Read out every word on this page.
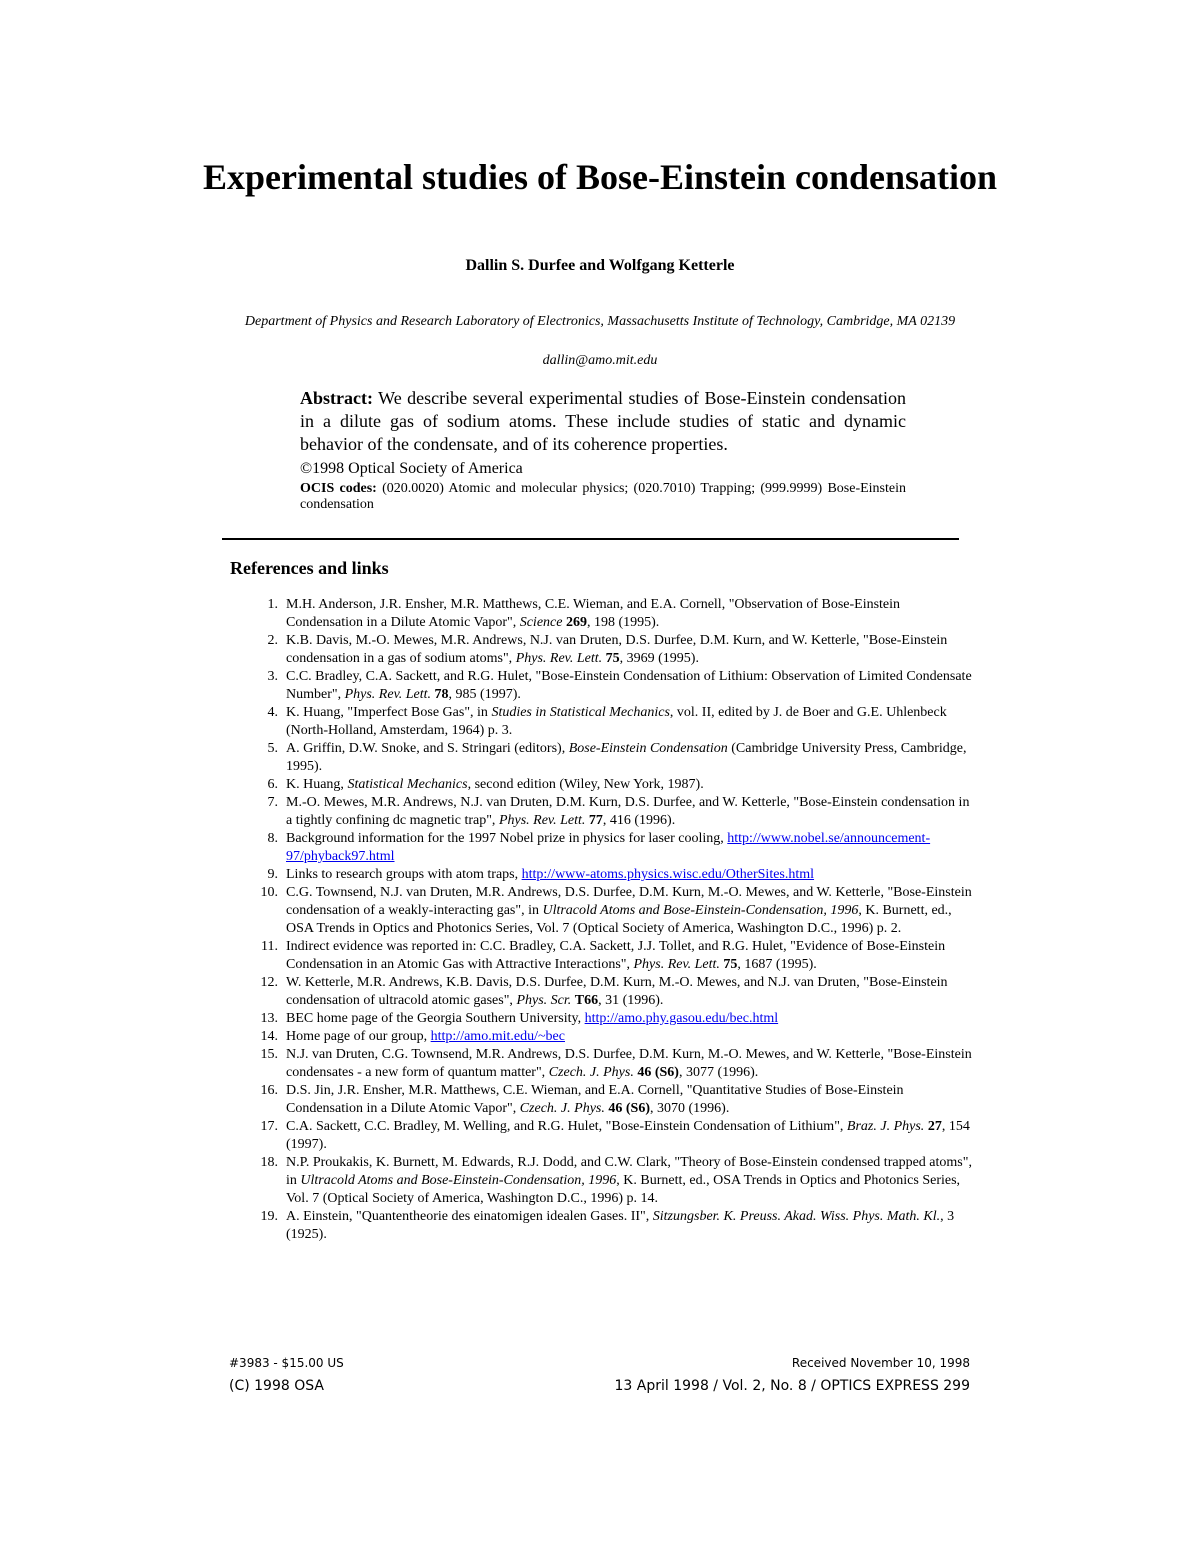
Experimental studies of Bose-Einstein condensation
Dallin S. Durfee and Wolfgang Ketterle
Department of Physics and Research Laboratory of Electronics, Massachusetts Institute of Technology, Cambridge, MA 02139
dallin@amo.mit.edu
Abstract: We describe several experimental studies of Bose-Einstein condensation in a dilute gas of sodium atoms. These include studies of static and dynamic behavior of the condensate, and of its coherence properties.
©1998 Optical Society of America
OCIS codes: (020.0020) Atomic and molecular physics; (020.7010) Trapping; (999.9999) Bose-Einstein condensation
References and links
1. M.H. Anderson, J.R. Ensher, M.R. Matthews, C.E. Wieman, and E.A. Cornell, "Observation of Bose-Einstein Condensation in a Dilute Atomic Vapor", Science 269, 198 (1995).
2. K.B. Davis, M.-O. Mewes, M.R. Andrews, N.J. van Druten, D.S. Durfee, D.M. Kurn, and W. Ketterle, "Bose-Einstein condensation in a gas of sodium atoms", Phys. Rev. Lett. 75, 3969 (1995).
3. C.C. Bradley, C.A. Sackett, and R.G. Hulet, "Bose-Einstein Condensation of Lithium: Observation of Limited Condensate Number", Phys. Rev. Lett. 78, 985 (1997).
4. K. Huang, "Imperfect Bose Gas", in Studies in Statistical Mechanics, vol. II, edited by J. de Boer and G.E. Uhlenbeck (North-Holland, Amsterdam, 1964) p. 3.
5. A. Griffin, D.W. Snoke, and S. Stringari (editors), Bose-Einstein Condensation (Cambridge University Press, Cambridge, 1995).
6. K. Huang, Statistical Mechanics, second edition (Wiley, New York, 1987).
7. M.-O. Mewes, M.R. Andrews, N.J. van Druten, D.M. Kurn, D.S. Durfee, and W. Ketterle, "Bose-Einstein condensation in a tightly confining dc magnetic trap", Phys. Rev. Lett. 77, 416 (1996).
8. Background information for the 1997 Nobel prize in physics for laser cooling, http://www.nobel.se/announcement-97/phyback97.html
9. Links to research groups with atom traps, http://www-atoms.physics.wisc.edu/OtherSites.html
10. C.G. Townsend, N.J. van Druten, M.R. Andrews, D.S. Durfee, D.M. Kurn, M.-O. Mewes, and W. Ketterle, "Bose-Einstein condensation of a weakly-interacting gas", in Ultracold Atoms and Bose-Einstein-Condensation, 1996, K. Burnett, ed., OSA Trends in Optics and Photonics Series, Vol. 7 (Optical Society of America, Washington D.C., 1996) p. 2.
11. Indirect evidence was reported in: C.C. Bradley, C.A. Sackett, J.J. Tollet, and R.G. Hulet, "Evidence of Bose-Einstein Condensation in an Atomic Gas with Attractive Interactions", Phys. Rev. Lett. 75, 1687 (1995).
12. W. Ketterle, M.R. Andrews, K.B. Davis, D.S. Durfee, D.M. Kurn, M.-O. Mewes, and N.J. van Druten, "Bose-Einstein condensation of ultracold atomic gases", Phys. Scr. T66, 31 (1996).
13. BEC home page of the Georgia Southern University, http://amo.phy.gasou.edu/bec.html
14. Home page of our group, http://amo.mit.edu/~bec
15. N.J. van Druten, C.G. Townsend, M.R. Andrews, D.S. Durfee, D.M. Kurn, M.-O. Mewes, and W. Ketterle, "Bose-Einstein condensates - a new form of quantum matter", Czech. J. Phys. 46 (S6), 3077 (1996).
16. D.S. Jin, J.R. Ensher, M.R. Matthews, C.E. Wieman, and E.A. Cornell, "Quantitative Studies of Bose-Einstein Condensation in a Dilute Atomic Vapor", Czech. J. Phys. 46 (S6), 3070 (1996).
17. C.A. Sackett, C.C. Bradley, M. Welling, and R.G. Hulet, "Bose-Einstein Condensation of Lithium", Braz. J. Phys. 27, 154 (1997).
18. N.P. Proukakis, K. Burnett, M. Edwards, R.J. Dodd, and C.W. Clark, "Theory of Bose-Einstein condensed trapped atoms", in Ultracold Atoms and Bose-Einstein-Condensation, 1996, K. Burnett, ed., OSA Trends in Optics and Photonics Series, Vol. 7 (Optical Society of America, Washington D.C., 1996) p. 14.
19. A. Einstein, "Quantentheorie des einatomigen idealen Gases. II", Sitzungsber. K. Preuss. Akad. Wiss. Phys. Math. Kl., 3 (1925).
#3983 - $15.00 US
(C) 1998 OSA
Received November 10, 1998
13 April 1998 / Vol. 2, No. 8 / OPTICS EXPRESS 299
